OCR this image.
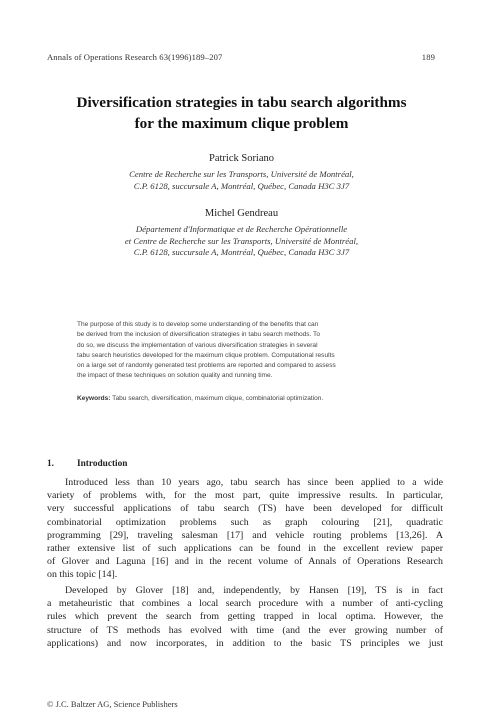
Annals of Operations Research 63(1996)189–207	189
Diversification strategies in tabu search algorithms
for the maximum clique problem
Patrick Soriano
Centre de Recherche sur les Transports, Université de Montréal,
C.P. 6128, succursale A, Montréal, Québec, Canada H3C 3J7
Michel Gendreau
Département d'Informatique et de Recherche Opérationnelle
et Centre de Recherche sur les Transports, Université de Montréal,
C.P. 6128, succursale A, Montréal, Québec, Canada H3C 3J7
The purpose of this study is to develop some understanding of the benefits that can
be derived from the inclusion of diversification strategies in tabu search methods. To
do so, we discuss the implementation of various diversification strategies in several
tabu search heuristics developed for the maximum clique problem. Computational results
on a large set of randomly generated test problems are reported and compared to assess
the impact of these techniques on solution quality and running time.
Keywords: Tabu search, diversification, maximum clique, combinatorial optimization.
1. Introduction
Introduced less than 10 years ago, tabu search has since been applied to a wide
variety of problems with, for the most part, quite impressive results. In particular,
very successful applications of tabu search (TS) have been developed for difficult
combinatorial optimization problems such as graph colouring [21], quadratic
programming [29], traveling salesman [17] and vehicle routing problems [13,26]. A
rather extensive list of such applications can be found in the excellent review paper
of Glover and Laguna [16] and in the recent volume of Annals of Operations Research
on this topic [14].
Developed by Glover [18] and, independently, by Hansen [19], TS is in fact
a metaheuristic that combines a local search procedure with a number of anti-cycling
rules which prevent the search from getting trapped in local optima. However, the
structure of TS methods has evolved with time (and the ever growing number of
applications) and now incorporates, in addition to the basic TS principles we just
© J.C. Baltzer AG, Science Publishers
